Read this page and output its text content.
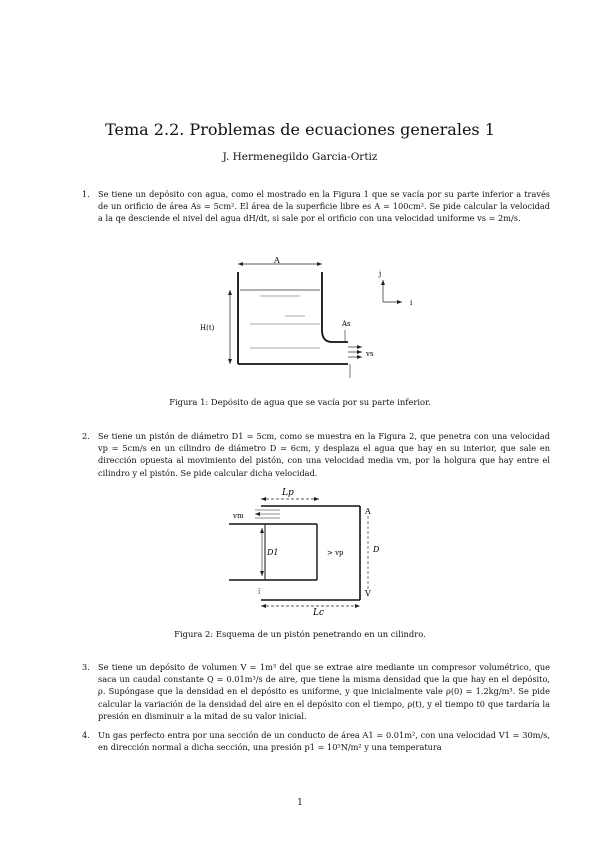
Tema 2.2. Problemas de ecuaciones generales 1
J. Hermenegildo Garcia-Ortiz
1. Se tiene un depósito con agua, como el mostrado en la Figura 1 que se vacía por su parte inferior a través de un orificio de área As = 5cm². El área de la superficie libre es A = 100cm². Se pide calcular la velocidad a la qe desciende el nivel del agua dH/dt, si sale por el orificio con una velocidad uniforme vs = 2m/s.
A
H(t)	As
vs
j
i
Figura 1: Depósito de agua que se vacía por su parte inferior.
2. Se tiene un pistón de diámetro D1 = 5cm, como se muestra en la Figura 2, que penetra con una velocidad vp = 5cm/s en un cilindro de diámetro D = 6cm, y desplaza el agua que hay en su interior, que sale en dirección opuesta al movimiento del pistón, con una velocidad media vm, por la holgura que hay entre el cilindro y el pistón. Se pide calcular dicha velocidad.
Lp
vm
⁞
D1	> vp
A
D
V
Lc
Figura 2: Esquema de un pistón penetrando en un cilindro.
3. Se tiene un depósito de volumen V = 1m³ del que se extrae aire mediante un compresor volumétrico, que saca un caudal constante Q = 0.01m³/s de aire, que tiene la misma densidad que la que hay en el depósito, ρ. Supóngase que la densidad en el depósito es uniforme, y que inicialmente vale ρ(0) = 1.2kg/m³. Se pide calcular la variación de la densidad del aire en el depósito con el tiempo, ρ(t), y el tiempo t0 que tardaría la presión en disminuir a la mitad de su valor inicial.
4. Un gas perfecto entra por una sección de un conducto de área A1 = 0.01m², con una velocidad V1 = 30m/s, en dirección normal a dicha sección, una presión p1 = 10⁵N/m² y una temperatura
1
